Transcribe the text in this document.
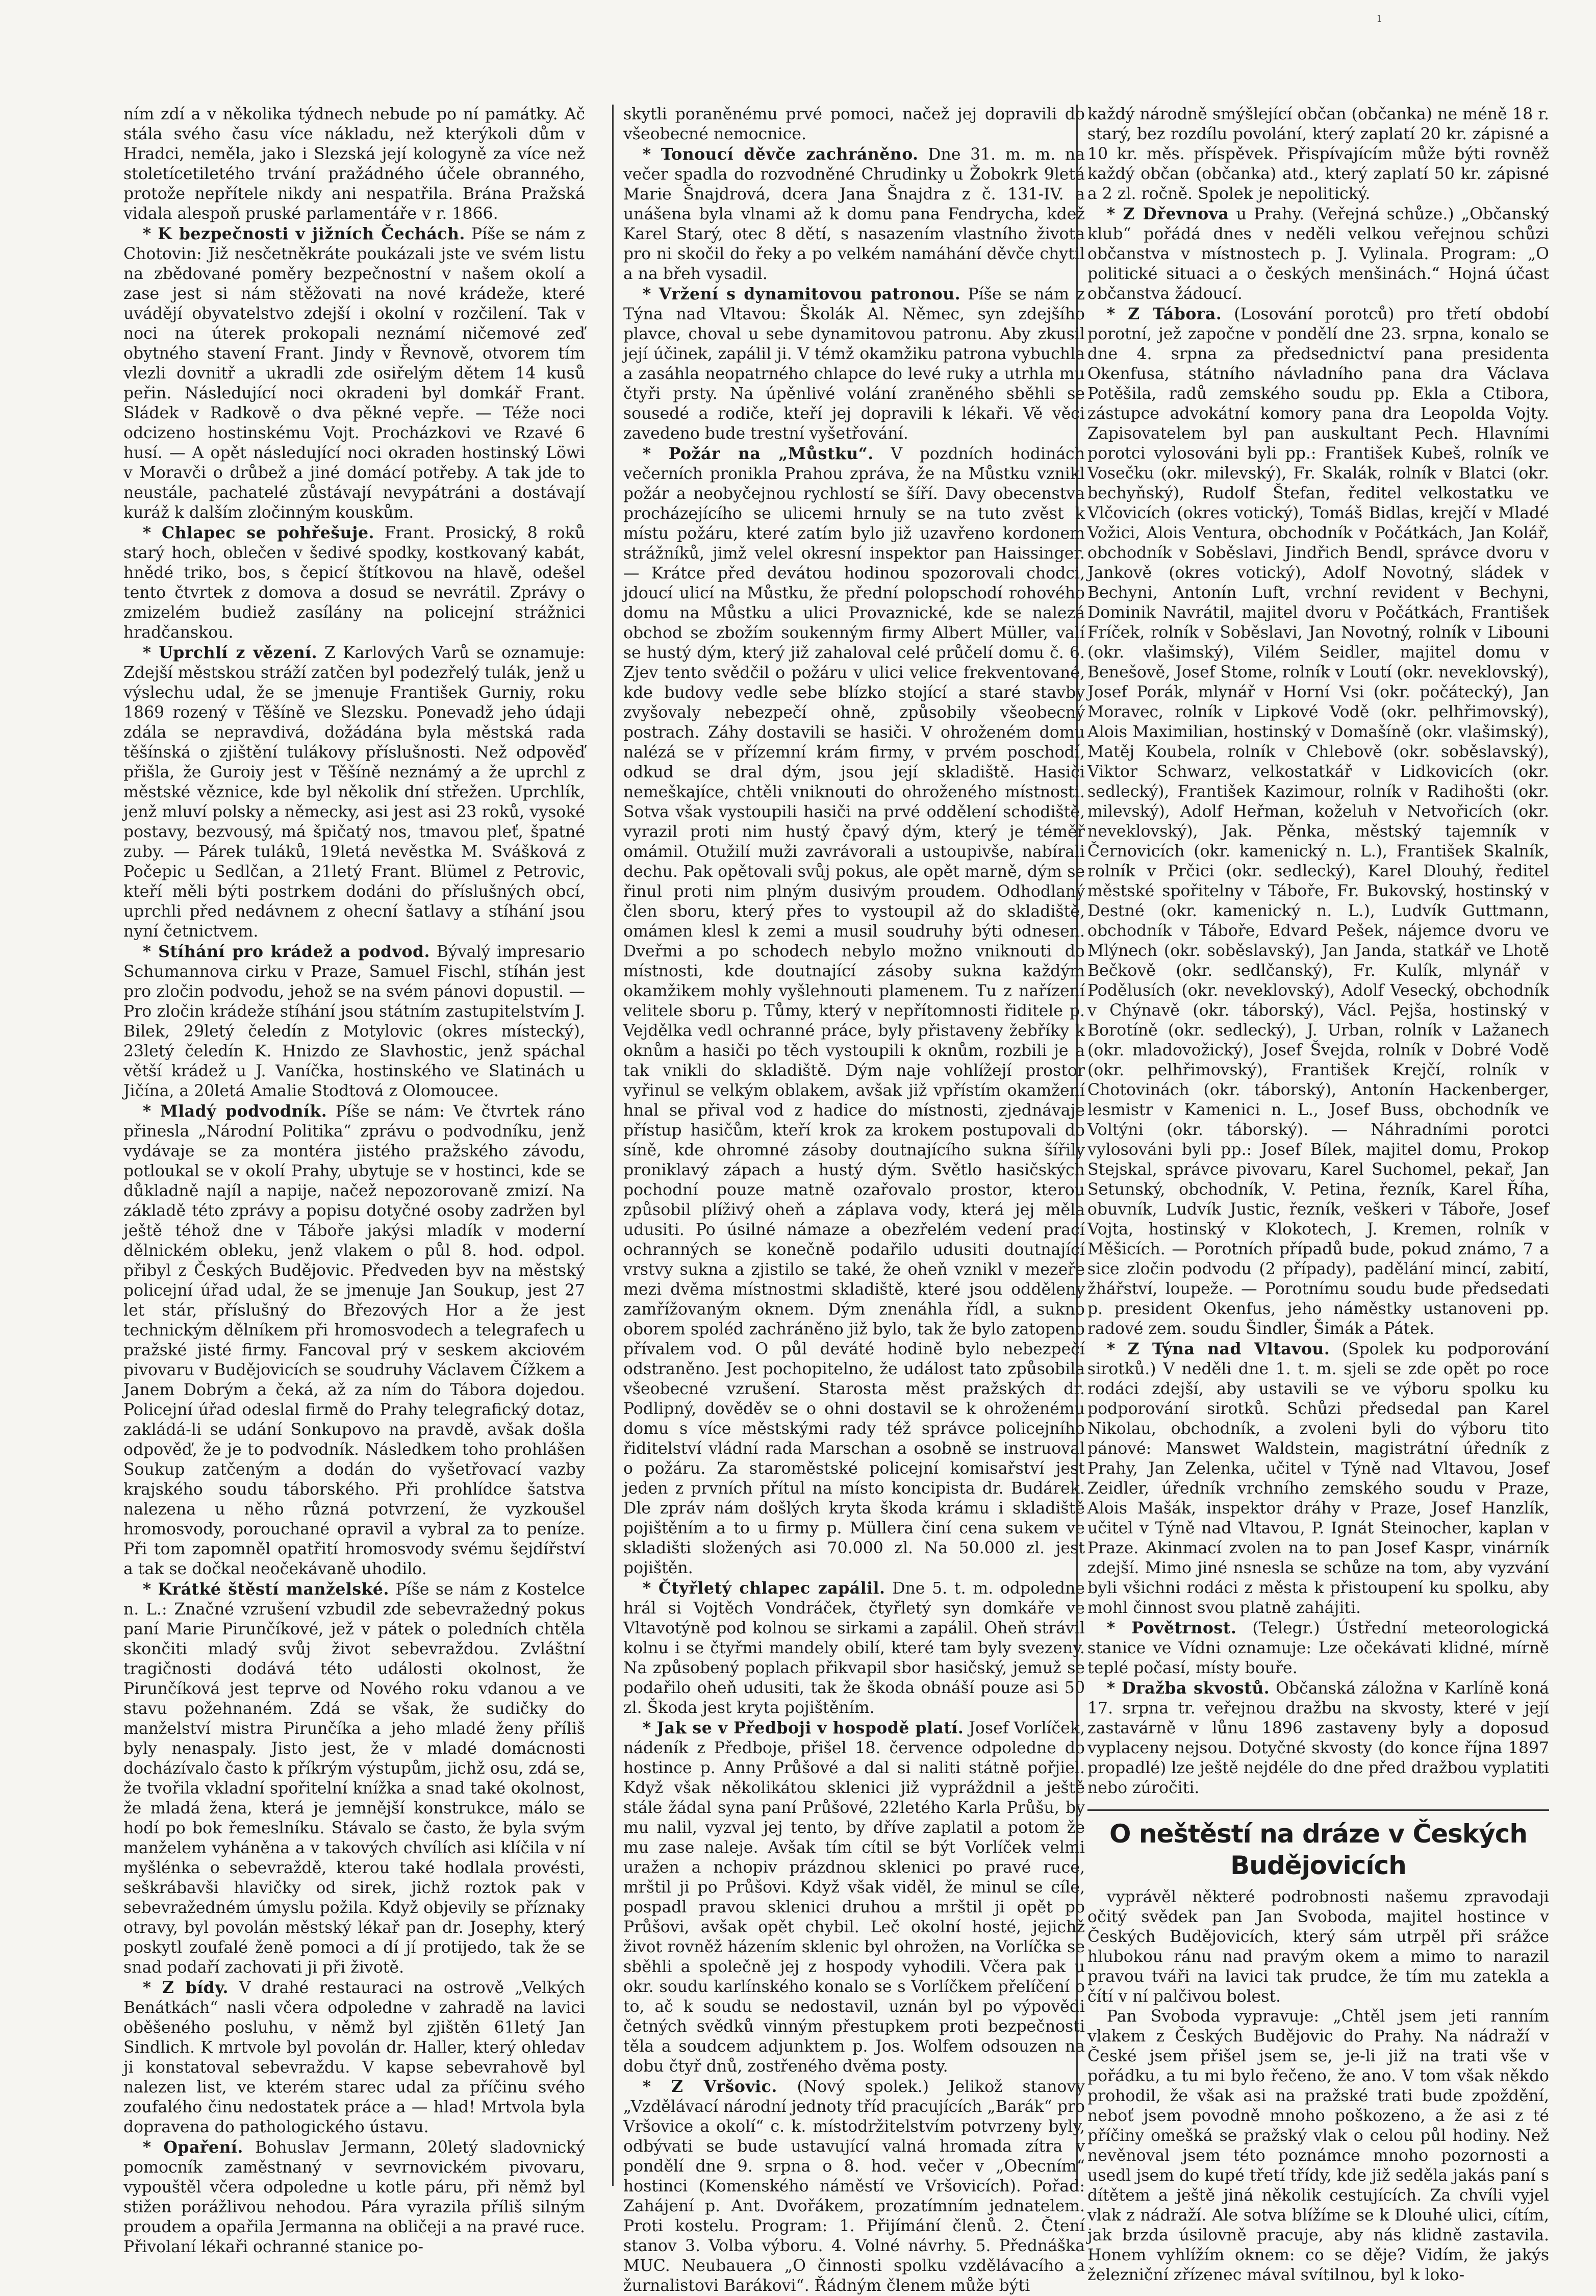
ním zdí a v několika týdnech nebude po ní památky. Ač stála svého času více nákladu, než kterýkoli dům v Hradci, neměla, jako i Slezská její kologyně za více než stoletícetiletého trvání pražádného účele obranného, protože nepřítele nikdy ani nespatřila. Brána Pražská vidala alespoň pruské parlamentáře v r. 1866.

* K bezpečnosti v jižních Čechách. Píše se nám z Chotovin: Již nesčetněkráte poukázali jste ve svém listu na zbědované poměry bezpečnostní v našem okolí a zase jest si nám stěžovati na nové krádeže, které uvádějí obyvatelstvo zdejší i okolní v rozčilení. Tak v noci na úterek prokopali neznámí ničemové zeď obytného stavení Frant. Jindy v Řevnově, otvorem tím vlezli dovnitř a ukradli zde osiřelým dětem 14 kusů peřin. Následující noci okradeni byl domkář Frant. Sládek v Radkově o dva pěkné vepře. — Téže noci odcizeno hostinskému Vojt. Procházkovi ve Rzavé 6 husí. — A opět následující noci okraden hostinský Löwi v Moravči o drůbež a jiné domácí potřeby. A tak jde to neustále, pachatelé zůstávají nevypátráni a dostávají kuráž k dalším zločinným kouskům.

* Chlapec se pohřešuje. Frant. Prosický, 8 roků starý hoch, oblečen v šedivé spodky, kostkovaný kabát, hnědé triko, bos, s čepicí štítkovou na hlavě, odešel tento čtvrtek z domova a dosud se nevrátil. Zprávy o zmizelém budiež zasílány na policejní strážnici hradčanskou.

* Uprchlí z vězení. Z Karlových Varů se oznamuje: Zdejší městskou stráží zatčen byl podezřelý tulák, jenž u výslechu udal, že se jmenuje František Gurniy, roku 1869 rozený v Těšíně ve Slezsku. Ponevadž jeho údaji zdála se nepravdivá, dožádána byla městská rada těšínská o zjištění tulákovy příslušnosti. Než odpověď přišla, že Guroiy jest v Těšíně neznámý a že uprchl z městské věznice, kde byl několik dní střežen. Uprchlík, jenž mluví polsky a německy, asi jest asi 23 roků, vysoké postavy, bezvousý, má špičatý nos, tmavou pleť, špatné zuby. — Párek tuláků, 19letá nevěstka M. Svášková z Počepic u Sedlčan, a 21letý Frant. Blümel z Petrovic, kteří měli býti postrkem dodáni do příslušných obcí, uprchli před nedávnem z ohecní šatlavy a stíhání jsou nyní četnictvem.

* Stíhání pro krádež a podvod. Bývalý impresario Schumannova cirku v Praze, Samuel Fischl, stíhán jest pro zločin podvodu, jehož se na svém pánovi dopustil. — Pro zločin krádeže stíhání jsou státním zastupitelstvím J. Bilek, 29letý čeledín z Motylovic (okres místecký), 23letý čeledín K. Hnizdo ze Slavhostic, jenž spáchal větší krádež u J. Vaníčka, hostinského ve Slatinách u Jičína, a 20letá Amalie Stodtová z Olomoucee.

* Mladý podvodník. Píše se nám: Ve čtvrtek ráno přinesla „Národní Politika“ zprávu o podvodníku, jenž vydávaje se za montéra jistého pražského závodu, potloukal se v okolí Prahy, ubytuje se v hostinci, kde se důkladně najíl a napije, načež nepozorovaně zmizí. Na základě této zprávy a popisu dotyčné osoby zadržen byl ještě téhož dne v Táboře jakýsi mladík v moderní dělnickém obleku, jenž vlakem o půl 8. hod. odpol. přibyl z Českých Budějovic. Předveden byv na městský policejní úřad udal, že se jmenuje Jan Soukup, jest 27 let stár, příslušný do Březových Hor a že jest technickým dělníkem při hromosvodech a telegrafech u pražské jisté firmy. Fancoval prý v seskem akciovém pivovaru v Budějovicích se soudruhy Václavem Čížkem a Janem Dobrým a čeká, až za ním do Tábora dojedou. Policejní úřad odeslal firmě do Prahy telegrafický dotaz, zakládá-li se udání Sonkupovo na pravdě, avšak došla odpověď, že je to podvodník. Následkem toho prohlášen Soukup zatčeným a dodán do vyšetřovací vazby krajského soudu táborského. Při prohlídce šatstva nalezena u něho různá potvrzení, že vyzkoušel hromosvody, porouchané opravil a vybral za to peníze. Při tom zapomněl opatřití hromosvody svému šejdířství a tak se dočkal neočekávaně uhodilo.

* Krátké štěstí manželské. Píše se nám z Kostelce n. L.: Značné vzrušení vzbudil zde sebevražedný pokus paní Marie Pirunčíkové, jež v pátek o poledních chtěla skončiti mladý svůj život sebevraždou. Zvláštní tragičnosti dodává této události okolnost, že Pirunčíková jest teprve od Nového roku vdanou a ve stavu požehnaném. Zdá se však, že sudičky do manželství mistra Pirunčíka a jeho mladé ženy příliš byly nenaspaly. Jisto jest, že v mladé domácnosti docházívalo často k příkrým výstupům, jichž osu, zdá se, že tvořila vkladní spořitelní knížka a snad také okolnost, že mladá žena, která je jemnější konstrukce, málo se hodí po bok řemeslníku. Stávalo se často, že byla svým manželem vyháněna a v takových chvílích asi klíčila v ní myšlénka o sebevraždě, kterou také hodlala provésti, seškrábavši hlavičky od sirek, jichž roztok pak v sebevražedném úmyslu požila. Když objevily se příznaky otravy, byl povolán městský lékař pan dr. Josephy, který poskytl zoufalé ženě pomoci a dí jí protijedo, tak že se snad podaří zachovati ji při životě.

* Z bídy. V drahé restauraci na ostrově „Velkých Benátkách“ nasli včera odpoledne v zahradě na lavici oběšeného posluhu, v němž byl zjištěn 61letý Jan Sindlich. K mrtvole byl povolán dr. Haller, který ohledav ji konstatoval sebevraždu. V kapse sebevrahově byl nalezen list, ve kterém starec udal za příčinu svého zoufalého činu nedostatek práce a — hlad! Mrtvola byla dopravena do pathologického ústavu.

* Opaření. Bohuslav Jermann, 20letý sladovnický pomocník zaměstnaný v sevrnovickém pivovaru, vypouštěl včera odpoledne u kotle páru, při němž byl stižen porážlivou nehodou. Pára vyrazila příliš silným proudem a opařila Jermanna na obličeji a na pravé ruce. Přivolaní lékaři ochranné stanice po-

skytli poraněnému prvé pomoci, načež jej dopravili do všeobecné nemocnice.

* Tonoucí děvče zachráněno. Dne 31. m. m. na večer spadla do rozvodněné Chrudinky u Žobokrk 9letá Marie Šnajdrová, dcera Jana Šnajdra z č. 131-IV. a unášena byla vlnami až k domu pana Fendrycha, kdež Karel Starý, otec 8 dětí, s nasazením vlastního života pro ni skočil do řeky a po velkém namáhání děvče chytil a na břeh vysadil.

* Vržení s dynamitovou patronou. Píše se nám z Týna nad Vltavou: Školák Al. Němec, syn zdejšího plavce, choval u sebe dynamitovou patronu. Aby zkusil její účinek, zapálil ji. V témž okamžiku patrona vybuchla a zasáhla neopatrného chlapce do levé ruky a utrhla mu čtyři prsty. Na úpěnlivé volání zraněného sběhli se sousedé a rodiče, kteří jej dopravili k lékaři. Vě věci zavedeno bude trestní vyšetřování.

* Požár na „Můstku“. V pozdních hodinách večerních pronikla Prahou zpráva, že na Můstku vznikl požár a neobyčejnou rychlostí se šíří. Davy obecenstva procházejícího se ulicemi hrnuly se na tuto zvěst k místu požáru, které zatím bylo již uzavřeno kordonem strážníků, jimž velel okresní inspektor pan Haissinger. — Krátce před devátou hodinou spozorovali chodci, jdoucí ulicí na Můstku, že přední polopschodí rohového domu na Můstku a ulici Provaznické, kde se nalezá obchod se zbožím soukenným firmy Albert Müller, valí se hustý dým, který již zahaloval celé průčelí domu č. 6. Zjev tento svědčil o požáru v ulici velice frekventované, kde budovy vedle sebe blízko stojící a staré stavby zvyšovaly nebezpečí ohně, způsobily všeobecný postrach. Záhy dostavili se hasiči. V ohroženém domu nalézá se v přízemní krám firmy, v prvém poschodí, odkud se dral dým, jsou její skladiště. Hasiči nemeškajíce, chtěli vniknouti do ohroženého místnosti. Sotva však vystoupili hasiči na prvé oddělení schodiště, vyrazil proti nim hustý čpavý dým, který je téměř omámil. Otužilí muži zavrávorali a ustoupivše, nabírali dechu. Pak opětovali svůj pokus, ale opět marně, dým se řinul proti nim plným dusivým proudem. Odhodlaný člen sboru, který přes to vystoupil až do skladiště, omámen klesl k zemi a musil soudruhy býti odnesen. Dveřmi a po schodech nebylo možno vniknouti do místnosti, kde doutnající zásoby sukna každým okamžikem mohly vyšlehnouti plamenem. Tu z nařízení velitele sboru p. Tůmy, který v nepřítomnosti řiditele p. Vejdělka vedl ochranné práce, byly přistaveny žebříky k oknům a hasiči po těch vystoupili k oknům, rozbili je a tak vnikli do skladiště. Dým naje vohlížejí prostor vyřinul se velkým oblakem, avšak již vpřístím okamžení hnal se přival vod z hadice do místnosti, zjednávaje přístup hasičům, kteří krok za krokem postupovali do síně, kde ohromné zásoby doutnajícího sukna šířily proniklavý zápach a hustý dým. Světlo hasičských pochodní pouze matně ozařovalo prostor, kterou způsobil plíživý oheň a záplava vody, která jej měla udusiti. Po úsilné námaze a obezřelém vedení prací ochranných se konečně podařilo udusiti doutnající vrstvy sukna a zjistilo se také, že oheň vznikl v mezeře mezi dvěma místnostmi skladiště, které jsou odděleny zamřížovaným oknem. Dým znenáhla řídl, a sukno oborem spoléd zachráněno již bylo, tak že bylo zatopeno přívalem vod. O půl deváté hodině bylo nebezpečí odstraněno. Jest pochopitelno, že událost tato způsobila všeobecné vzrušení. Starosta měst pražských dr. Podlipný, dověděv se o ohni dostavil se k ohroženému domu s více městskými rady též správce policejního řiditelství vládní rada Marschan a osobně se instruoval o požáru. Za staroměstské policejní komisařství jest jeden z prvních přítul na místo koncipista dr. Budárek. Dle zpráv nám došlých kryta škoda krámu i skladiště pojištěním a to u firmy p. Müllera činí cena sukem ve skladišti složených asi 70.000 zl. Na 50.000 zl. jest pojištěn.

* Čtyřletý chlapec zapálil. Dne 5. t. m. odpoledne hrál si Vojtěch Vondráček, čtyřletý syn domkáře ve Vltavotýně pod kolnou se sirkami a zapálil. Oheň strávil kolnu i se čtyřmi mandely obilí, které tam byly svezeny. Na způsobený poplach přikvapil sbor hasičský, jemuž se podařilo oheň udusiti, tak že škoda obnáší pouze asi 50 zl. Škoda jest kryta pojištěním.

* Jak se v Předboji v hospodě platí. Josef Vorlíček, nádeník z Předboje, přišel 18. července odpoledne do hostince p. Anny Průšové a dal si naliti státně pořjiel. Když však několikátou sklenici již vypráždnil a ještě stále žádal syna paní Průšové, 22letého Karla Průšu, by mu nalil, vyzval jej tento, by dříve zaplatil a potom že mu zase naleje. Avšak tím cítil se být Vorlíček velmi uražen a nchopiv prázdnou sklenici po pravé ruce, mrštil ji po Průšovi. Když však viděl, že minul se cíle, pospadl pravou sklenici druhou a mrštil ji opět po Průšovi, avšak opět chybil. Leč okolní hosté, jejichž život rovněž házením sklenic byl ohrožen, na Vorlíčka se sběhli a společně jej z hospody vyhodili. Včera pak u okr. soudu karlínského konalo se s Vorlíčkem přelíčení o to, ač k soudu se nedostavil, uznán byl po výpovědi četných svědků vinným přestupkem proti bezpečnosti těla a soudcem adjunktem p. Jos. Wolfem odsouzen na dobu čtyř dnů, zostřeného dvěma posty.

* Z Vršovic. (Nový spolek.) Jelikož stanovy „Vzdělávací národní jednoty tříd pracujících „Barák“ pro Vršovice a okolí“ c. k. místodržitelstvím potvrzeny byly, odbývati se bude ustavující valná hromada zítra v pondělí dne 9. srpna o 8. hod. večer v „Obecním“ hostinci (Komenského náměstí ve Vršovicích). Pořad: Zahájení p. Ant. Dvořákem, prozatímním jednatelem. Proti kostelu. Program: 1. Přijímání členů. 2. Čtení stanov 3. Volba výboru. 4. Volné návrhy. 5. Přednáška MUC. Neubauera „O činnosti spolku vzdělávacího a žurnalistovi Barákovi“. Řádným členem může býti

každý národně smýšlející občan (občanka) ne méně 18 r. starý, bez rozdílu povolání, který zaplatí 20 kr. zápisné a 10 kr. měs. příspěvek. Přispívajícím může býti rovněž každý občan (občanka) atd., který zaplatí 50 kr. zápisné a 2 zl. ročně. Spolek je nepolitický.

* Z Dřevnova u Prahy. (Veřejná schůze.) „Občanský klub“ pořádá dnes v neděli velkou veřejnou schůzi občanstva v místnostech p. J. Vylinala. Program: „O politické situaci a o českých menšinách.“ Hojná účast občanstva žádoucí.

* Z Tábora. (Losování porotců) pro třetí období porotní, jež započne v pondělí dne 23. srpna, konalo se dne 4. srpna za předsednictví pana presidenta Okenfusa, státního návladního pana dra Václava Potěšila, radů zemského soudu pp. Ekla a Ctibora, zástupce advokátní komory pana dra Leopolda Vojty. Zapisovatelem byl pan auskultant Pech. Hlavními porotci vylosováni byli pp.: František Kubeš, rolník ve Vosečku (okr. milevský), Fr. Skalák, rolník v Blatci (okr. bechyňský), Rudolf Štefan, ředitel velkostatku ve Vlčovicích (okres votický), Tomáš Bidlas, krejčí v Mladé Vožici, Alois Ventura, obchodník v Počátkách, Jan Kolář, obchodník v Soběslavi, Jindřich Bendl, správce dvoru v Jankově (okres votický), Adolf Novotný, sládek v Bechyni, Antonín Luft, vrchní revident v Bechyni, Dominik Navrátil, majitel dvoru v Počátkách, František Fríček, rolník v Soběslavi, Jan Novotný, rolník v Libouni (okr. vlašimský), Vilém Seidler, majitel domu v Benešově, Josef Stome, rolník v Loutí (okr. neveklovský), Josef Porák, mlynář v Horní Vsi (okr. počátecký), Jan Moravec, rolník v Lipkové Vodě (okr. pelhřimovský), Alois Maximilian, hostinský v Domašíně (okr. vlašimský), Matěj Koubela, rolník v Chlebově (okr. soběslavský), Viktor Schwarz, velkostatkář v Lidkovicích (okr. sedlecký), František Kazimour, rolník v Radihošti (okr. milevský), Adolf Heřman, koželuh v Netvořicích (okr. neveklovský), Jak. Pěnka, městský tajemník v Černovicích (okr. kamenický n. L.), František Skalník, rolník v Prčici (okr. sedlecký), Karel Dlouhý, ředitel městské spořitelny v Táboře, Fr. Bukovský, hostinský v Destné (okr. kamenický n. L.), Ludvík Guttmann, obchodník v Táboře, Edvard Pešek, nájemce dvoru ve Mlýnech (okr. soběslavský), Jan Janda, statkář ve Lhotě Bečkově (okr. sedlčanský), Fr. Kulík, mlynář v Podělusích (okr. neveklovský), Adolf Vesecký, obchodník v Chýnavě (okr. táborský), Václ. Pejša, hostinský v Borotíně (okr. sedlecký), J. Urban, rolník v Lažanech (okr. mladovožický), Josef Švejda, rolník v Dobré Vodě (okr. pelhřimovský), František Krejčí, rolník v Chotovinách (okr. táborský), Antonín Hackenberger, lesmistr v Kamenici n. L., Josef Buss, obchodník ve Voltýni (okr. táborský). — Náhradními porotci vylosováni byli pp.: Josef Bílek, majitel domu, Prokop Stejskal, správce pivovaru, Karel Suchomel, pekař, Jan Setunský, obchodník, V. Petina, řezník, Karel Říha, obuvník, Ludvík Justic, řezník, veškeri v Táboře, Josef Vojta, hostinský v Klokotech, J. Kremen, rolník v Měšicích. — Porotních případů bude, pokud známo, 7 a sice zločin podvodu (2 případy), padělání mincí, zabití, žhářství, loupeže. — Porotnímu soudu bude předsedati p. president Okenfus, jeho náměstky ustanoveni pp. radové zem. soudu Šindler, Šimák a Pátek.

* Z Týna nad Vltavou. (Spolek ku podporování sirotků.) V neděli dne 1. t. m. sjeli se zde opět po roce rodáci zdejší, aby ustavili se ve výboru spolku ku podporování sirotků. Schůzi předsedal pan Karel Nikolau, obchodník, a zvoleni byli do výboru tito pánové: Manswet Waldstein, magistrátní úředník z Prahy, Jan Zelenka, učitel v Týně nad Vltavou, Josef Zeidler, úředník vrchního zemského soudu v Praze, Alois Mašák, inspektor dráhy v Praze, Josef Hanzlík, učitel v Týně nad Vltavou, P. Ignát Steinocher, kaplan v Praze. Akinmací zvolen na to pan Josef Kaspr, vinárník zdejší. Mimo jiné nsnesla se schůze na tom, aby vyzvání byli všichni rodáci z města k přistoupení ku spolku, aby mohl činnost svou platně zahájiti.

* Povětrnost. (Telegr.) Ústřední meteorologická stanice ve Vídni oznamuje: Lze očekávati klidné, mírně teplé počasí, místy bouře.

* Dražba skvostů. Občanská záložna v Karlíně koná 17. srpna tr. veřejnou dražbu na skvosty, které v její zastavárně v lůnu 1896 zastaveny byly a doposud vyplaceny nejsou. Dotyčné skvosty (do konce října 1897 propadlé) lze ještě nejdéle do dne před dražbou vyplatiti nebo zúročiti.

O neštěstí na dráze v Českých
Budějovicích

vyprávěl některé podrobnosti našemu zpravodaji očitý svědek pan Jan Svoboda, majitel hostince v Českých Budějovicích, který sám utrpěl při srážce hlubokou ránu nad pravým okem a mimo to narazil pravou tváři na lavici tak prudce, že tím mu zatekla a čítí v ní palčivou bolest.

Pan Svoboda vypravuje: „Chtěl jsem jeti ranním vlakem z Českých Budějovic do Prahy. Na nádraží v České jsem přišel jsem se, je-li již na trati vše v pořádku, a tu mi bylo řečeno, že ano. V tom však někdo prohodil, že však asi na pražské trati bude zpoždění, neboť jsem povodně mnoho poškozeno, a že asi z té příčiny omešká se pražský vlak o celou půl hodiny. Než nevěnoval jsem této poznámce mnoho pozornosti a usedl jsem do kupé třetí třídy, kde již seděla jakás paní s dítětem a ještě jiná několik cestujících. Za chvíli vyjel vlak z nádraží. Ale sotva blížíme se k Dlouhé ulici, cítím, jak brzda úsilovně pracuje, aby nás klidně zastavila. Honem vyhlížím oknem: co se děje? Vidím, že jakýs železniční zřízenec mával svítilnou, byl k loko-

ı
